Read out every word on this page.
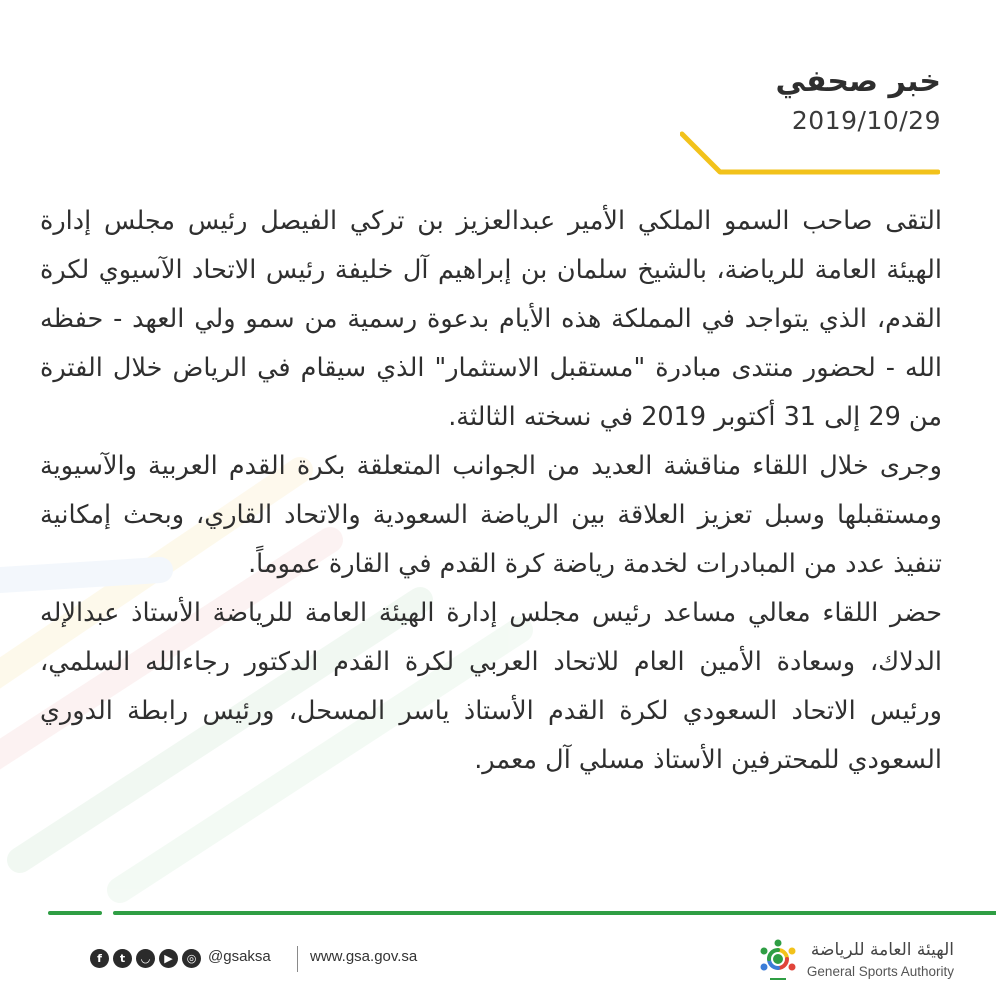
خبر صحفي
2019/10/29

التقى صاحب السمو الملكي الأمير عبدالعزيز بن تركي الفيصل رئيس مجلس إدارة الهيئة العامة للرياضة، بالشيخ سلمان بن إبراهيم آل خليفة رئيس الاتحاد الآسيوي لكرة القدم، الذي يتواجد في المملكة هذه الأيام بدعوة رسمية من سمو ولي العهد - حفظه الله - لحضور منتدى مبادرة "مستقبل الاستثمار" الذي سيقام في الرياض خلال الفترة من 29 إلى 31 أكتوبر 2019 في نسخته الثالثة.

وجرى خلال اللقاء مناقشة العديد من الجوانب المتعلقة بكرة القدم العربية والآسيوية ومستقبلها وسبل تعزيز العلاقة بين الرياضة السعودية والاتحاد القاري، وبحث إمكانية تنفيذ عدد من المبادرات لخدمة رياضة كرة القدم في القارة عموماً.

حضر اللقاء معالي مساعد رئيس مجلس إدارة الهيئة العامة للرياضة الأستاذ عبدالإله الدلاك، وسعادة الأمين العام للاتحاد العربي لكرة القدم الدكتور رجاءالله السلمي، ورئيس الاتحاد السعودي لكرة القدم الأستاذ ياسر المسحل، ورئيس رابطة الدوري السعودي للمحترفين الأستاذ مسلي آل معمر.

f	t	◡	▶	◎ @gsaksa	www.gsa.gov.sa	الهيئة العامة للرياضة
General Sports Authority
